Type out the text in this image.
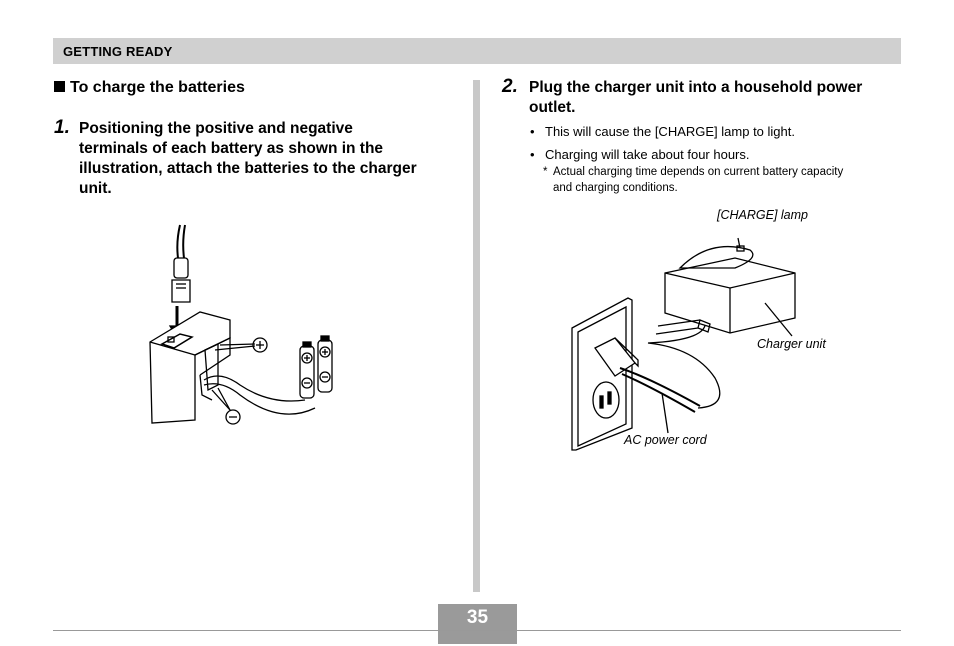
GETTING READY
To charge the batteries
1. Positioning the positive and negative
terminals of each battery as shown in the
illustration, attach the batteries to the charger
unit.
2. Plug the charger unit into a household power
outlet.
• This will cause the [CHARGE] lamp to light.
• Charging will take about four hours.
* Actual charging time depends on current battery capacity
and charging conditions.
[CHARGE] lamp
Charger unit
AC power cord
35
